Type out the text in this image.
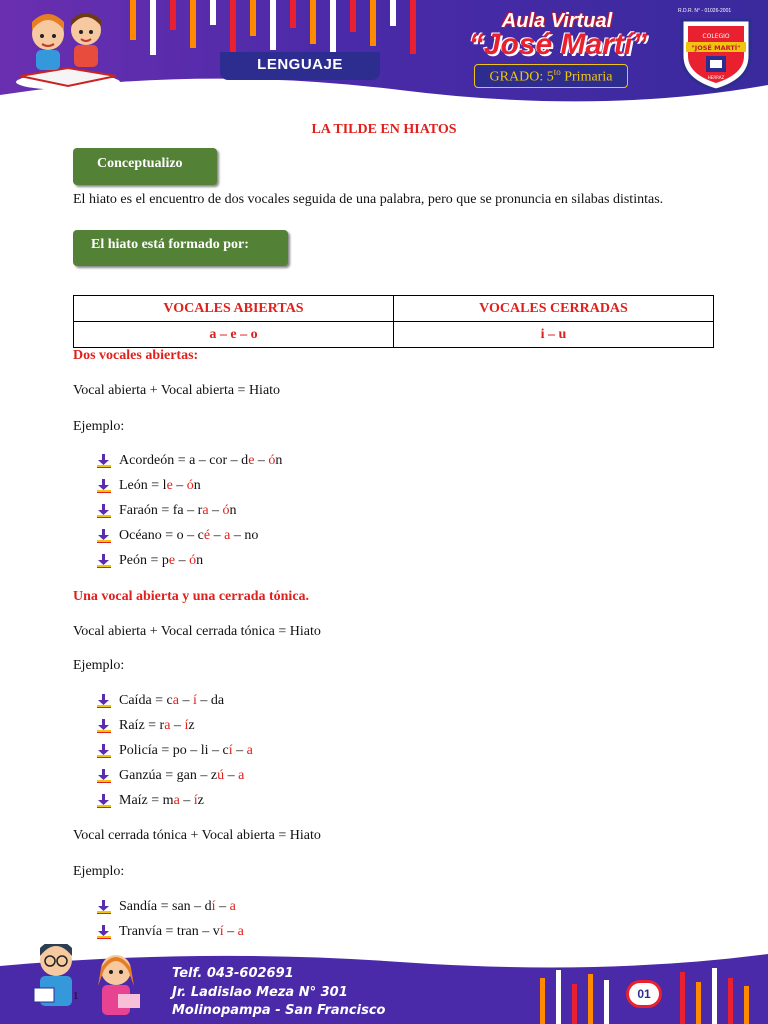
LENGUAJE
Aula Virtual
“José Martí”
GRADO: $5^{to}$ Primaria
R.D.R. N° - 01026-2001
COLEGIO
"JOSÉ MARTÍ"
HERRAZ
LA TILDE EN HIATOS
Conceptualizo
El hiato es el encuentro de dos vocales seguida de una palabra, pero que se pronuncia en silabas distintas.
El hiato está formado por:
VOCALES ABIERTAS	VOCALES CERRADAS
a – e – o	i – u
Dos vocales abiertas:
Vocal abierta + Vocal abierta = Hiato
Ejemplo:
Acordeón = a – cor – de – ón
León = le – ón
Faraón = fa – ra – ón
Océano = o – cé – a – no
Peón = pe – ón
Una vocal abierta y una cerrada tónica.
Vocal abierta + Vocal cerrada tónica = Hiato
Ejemplo:
Caída = ca – í – da
Raíz = ra – íz
Policía = po – li – cí – a
Ganzúa = gan – zú – a
Maíz = ma – íz
Vocal cerrada tónica + Vocal abierta = Hiato
Ejemplo:
Sandía = san – dí – a
Tranvía = tran – ví – a
Telf. 043-602691
Jr. Ladislao Meza N° 301
Molinopampa - San Francisco
1	01
